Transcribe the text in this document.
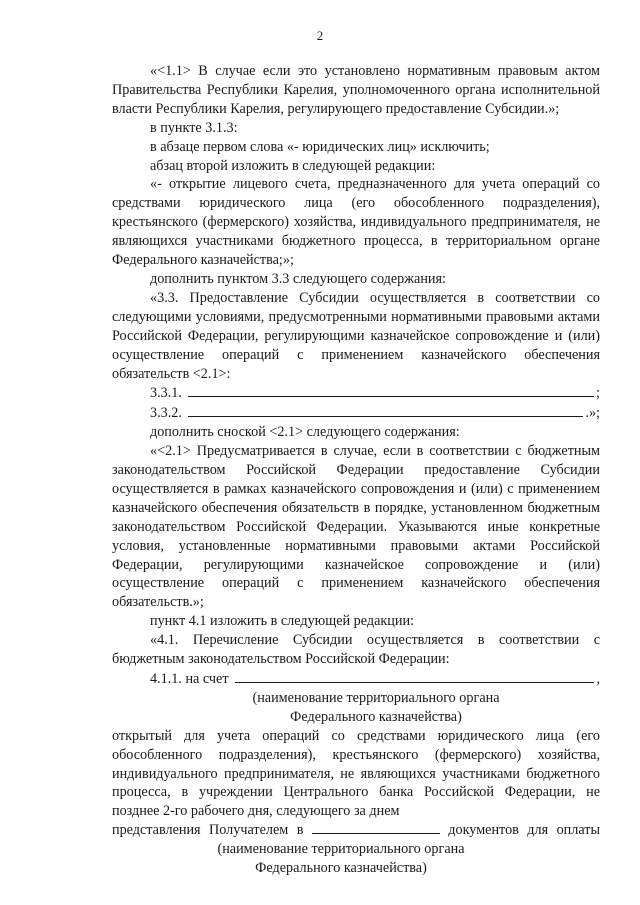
2

«<1.1> В случае если это установлено нормативным правовым актом Правительства Республики Карелия, уполномоченного органа исполнительной власти Республики Карелия, регулирующего предоставление Субсидии.»;

в пункте 3.1.3:

в абзаце первом слова «- юридических лиц» исключить;

абзац второй изложить в следующей редакции:

«- открытие лицевого счета, предназначенного для учета операций со средствами юридического лица (его обособленного подразделения), крестьянского (фермерского) хозяйства, индивидуального предпринимателя, не являющихся участниками бюджетного процесса, в территориальном органе Федерального казначейства;»;

дополнить пунктом 3.3 следующего содержания:

«3.3. Предоставление Субсидии осуществляется в соответствии со следующими условиями, предусмотренными нормативными правовыми актами Российской Федерации, регулирующими казначейское сопровождение и (или) осуществление операций с применением казначейского обеспечения обязательств <2.1>:

3.3.1.	;
3.3.2.	.»;

дополнить сноской <2.1> следующего содержания:

«<2.1> Предусматривается в случае, если в соответствии с бюджетным законодательством Российской Федерации предоставление Субсидии осуществляется в рамках казначейского сопровождения и (или) с применением казначейского обеспечения обязательств в порядке, установленном бюджетным законодательством Российской Федерации. Указываются иные конкретные условия, установленные нормативными правовыми актами Российской Федерации, регулирующими казначейское сопровождение и (или) осуществление операций с применением казначейского обеспечения обязательств.»;

пункт 4.1 изложить в следующей редакции:

«4.1. Перечисление Субсидии осуществляется в соответствии с бюджетным законодательством Российской Федерации:

4.1.1. на счет	,

(наименование территориального органа

Федерального казначейства)

открытый для учета операций со средствами юридического лица (его обособленного подразделения), крестьянского (фермерского) хозяйства, индивидуального предпринимателя, не являющихся участниками бюджетного процесса, в учреждении Центрального банка Российской Федерации, не позднее 2-го рабочего дня, следующего за днем

представления Получателем в	документов для оплаты

(наименование территориального органа

Федерального казначейства)
